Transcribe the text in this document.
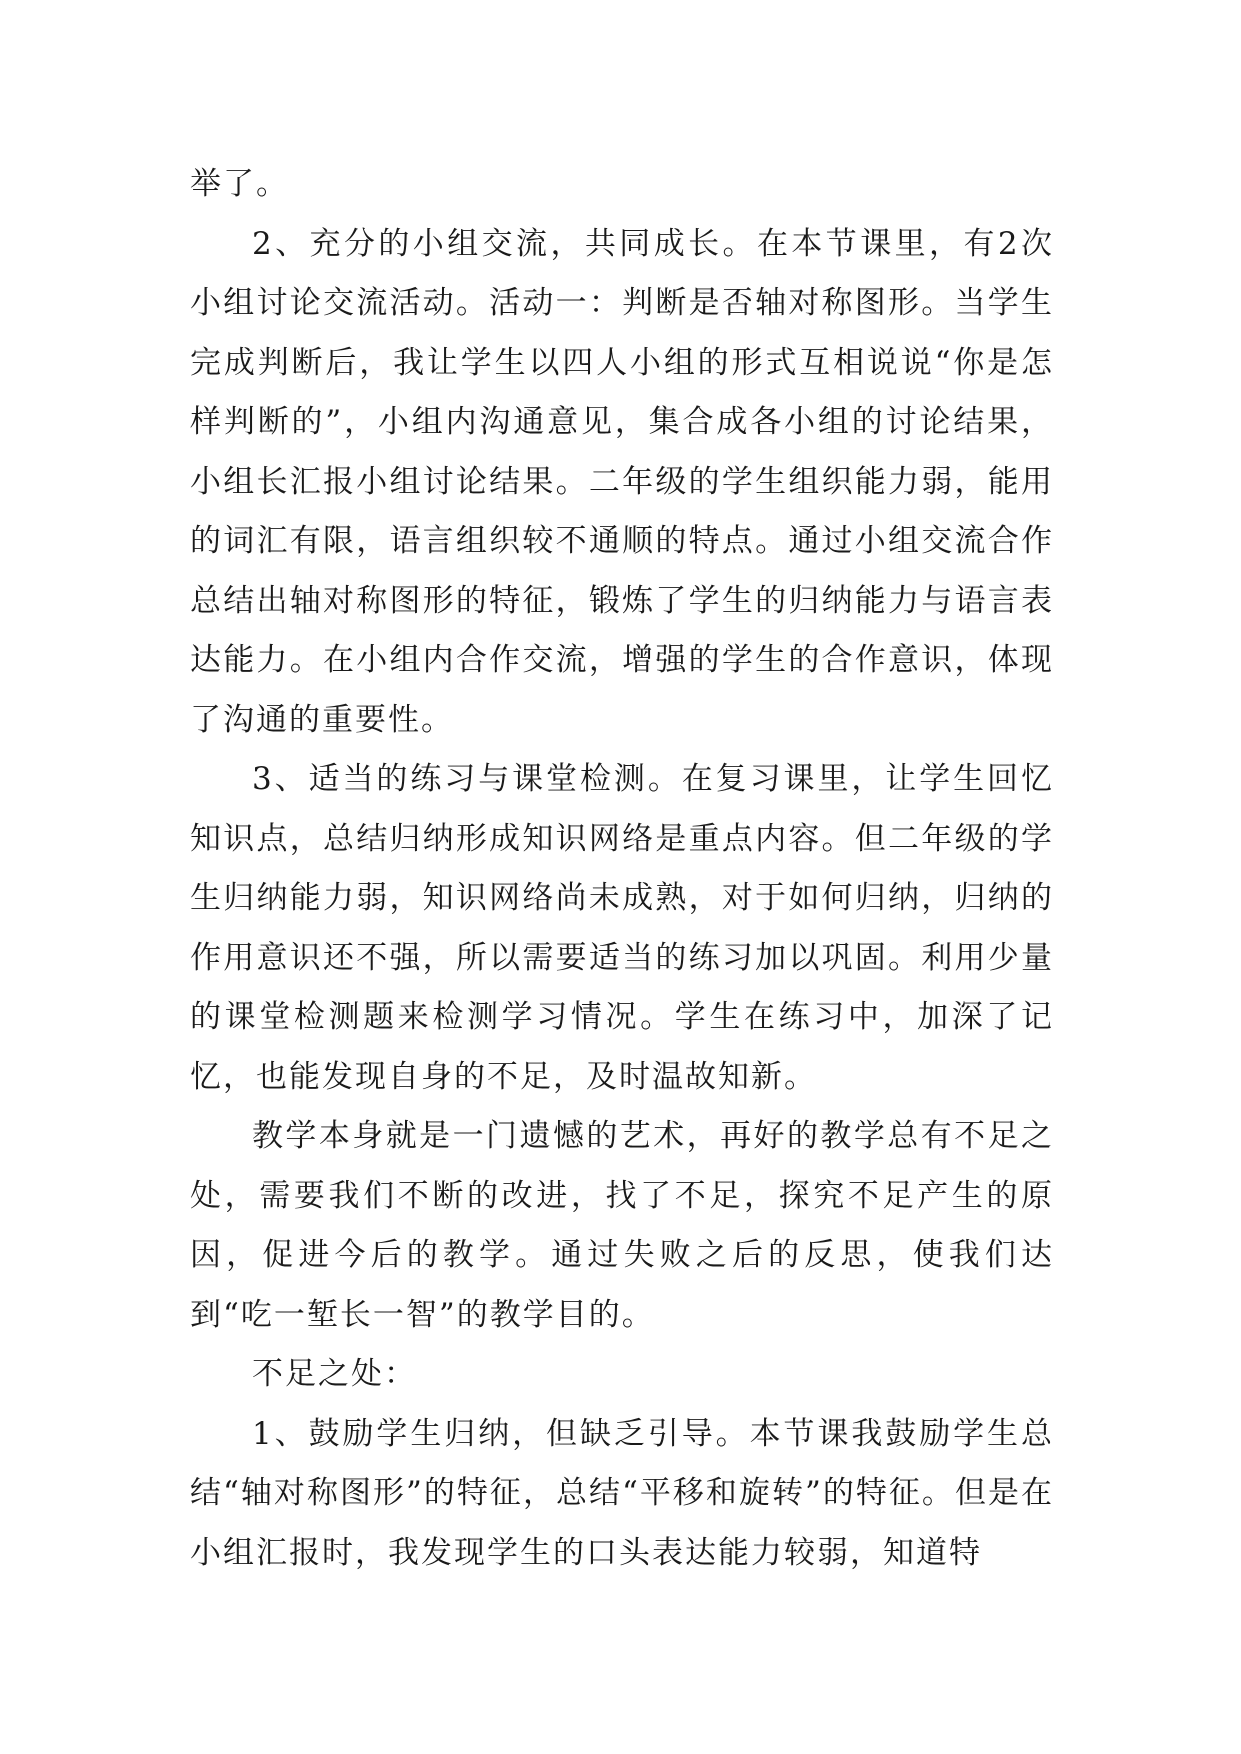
举了。

2、充分的小组交流，共同成长。在本节课里，有2次小组讨论交流活动。活动一：判断是否轴对称图形。当学生完成判断后，我让学生以四人小组的形式互相说说“你是怎样判断的”，小组内沟通意见，集合成各小组的讨论结果，小组长汇报小组讨论结果。二年级的学生组织能力弱，能用的词汇有限，语言组织较不通顺的特点。通过小组交流合作总结出轴对称图形的特征，锻炼了学生的归纳能力与语言表达能力。在小组内合作交流，增强的学生的合作意识，体现了沟通的重要性。

3、适当的练习与课堂检测。在复习课里，让学生回忆知识点，总结归纳形成知识网络是重点内容。但二年级的学生归纳能力弱，知识网络尚未成熟，对于如何归纳，归纳的作用意识还不强，所以需要适当的练习加以巩固。利用少量的课堂检测题来检测学习情况。学生在练习中，加深了记忆，也能发现自身的不足，及时温故知新。

教学本身就是一门遗憾的艺术，再好的教学总有不足之处，需要我们不断的改进，找了不足，探究不足产生的原因，促进今后的教学。通过失败之后的反思，使我们达到“吃一堑长一智”的教学目的。

不足之处：

1、鼓励学生归纳，但缺乏引导。本节课我鼓励学生总结“轴对称图形”的特征，总结“平移和旋转”的特征。但是在小组汇报时，我发现学生的口头表达能力较弱，知道特
